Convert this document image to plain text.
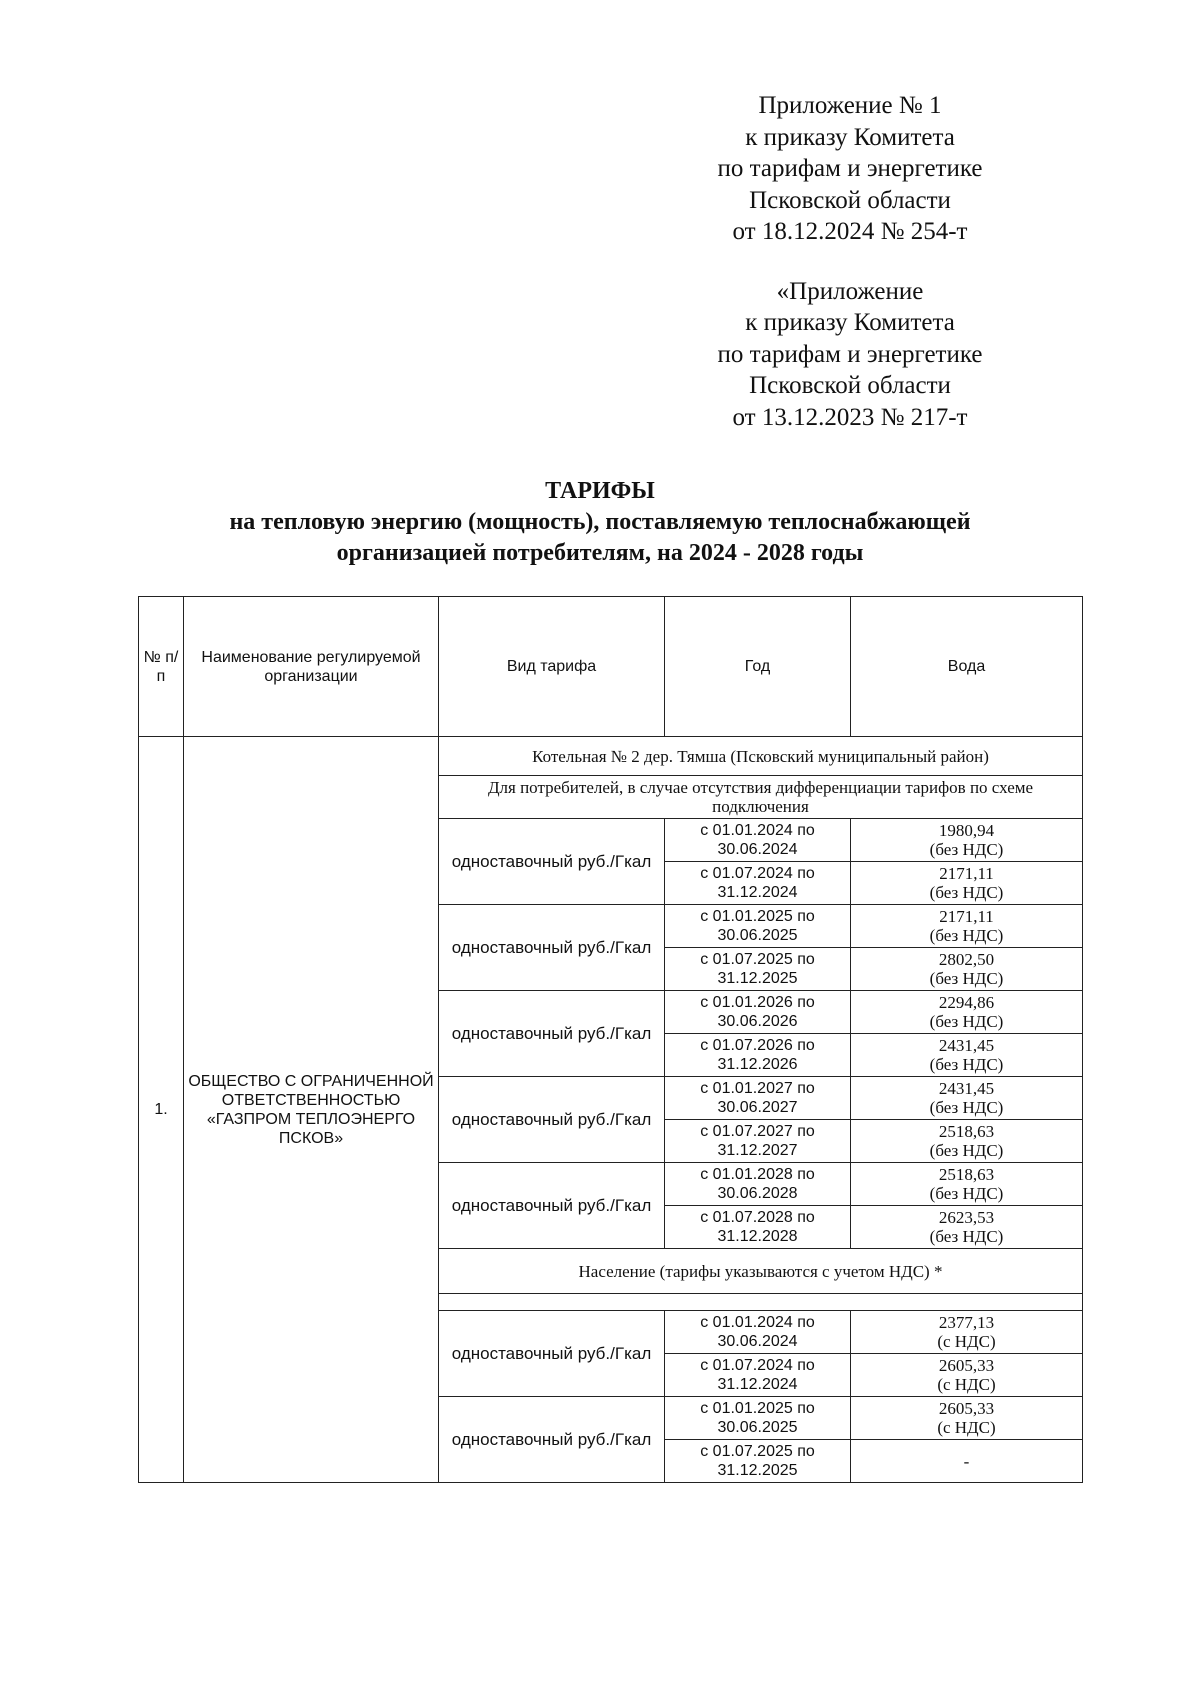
Приложение № 1
к приказу Комитета
по тарифам и энергетике
Псковской области
от 18.12.2024 № 254-т
«Приложение
к приказу Комитета
по тарифам и энергетике
Псковской области
от 13.12.2023 № 217-т
ТАРИФЫ
на тепловую энергию (мощность), поставляемую теплоснабжающей
организацией потребителям, на 2024 - 2028 годы
№ п/ п	Наименование регулируемой организации	Вид тарифа	Год	Вода
1.	ОБЩЕСТВО С ОГРАНИЧЕННОЙ ОТВЕТСТВЕННОСТЬЮ «ГАЗПРОМ ТЕПЛОЭНЕРГО ПСКОВ»	Котельная № 2 дер. Тямша (Псковский муниципальный район)		
		Для потребителей, в случае отсутствия дифференциации тарифов по схеме подключения		
		одноставочный руб./Гкал	с 01.01.2024 по 30.06.2024	1980,94
(без НДС)
			с 01.07.2024 по 31.12.2024	2171,11
(без НДС)
		одноставочный руб./Гкал	с 01.01.2025 по 30.06.2025	2171,11
(без НДС)
			с 01.07.2025 по 31.12.2025	2802,50
(без НДС)
		одноставочный руб./Гкал	с 01.01.2026 по 30.06.2026	2294,86
(без НДС)
			с 01.07.2026 по 31.12.2026	2431,45
(без НДС)
		одноставочный руб./Гкал	с 01.01.2027 по 30.06.2027	2431,45
(без НДС)
			с 01.07.2027 по 31.12.2027	2518,63
(без НДС)
		одноставочный руб./Гкал	с 01.01.2028 по 30.06.2028	2518,63
(без НДС)
			с 01.07.2028 по 31.12.2028	2623,53
(без НДС)
		Население (тарифы указываются с учетом НДС) *		

		одноставочный руб./Гкал	с 01.01.2024 по 30.06.2024	2377,13
(с НДС)
			с 01.07.2024 по 31.12.2024	2605,33
(с НДС)
		одноставочный руб./Гкал	с 01.01.2025 по 30.06.2025	2605,33
(с НДС)
			с 01.07.2025 по 31.12.2025	-
